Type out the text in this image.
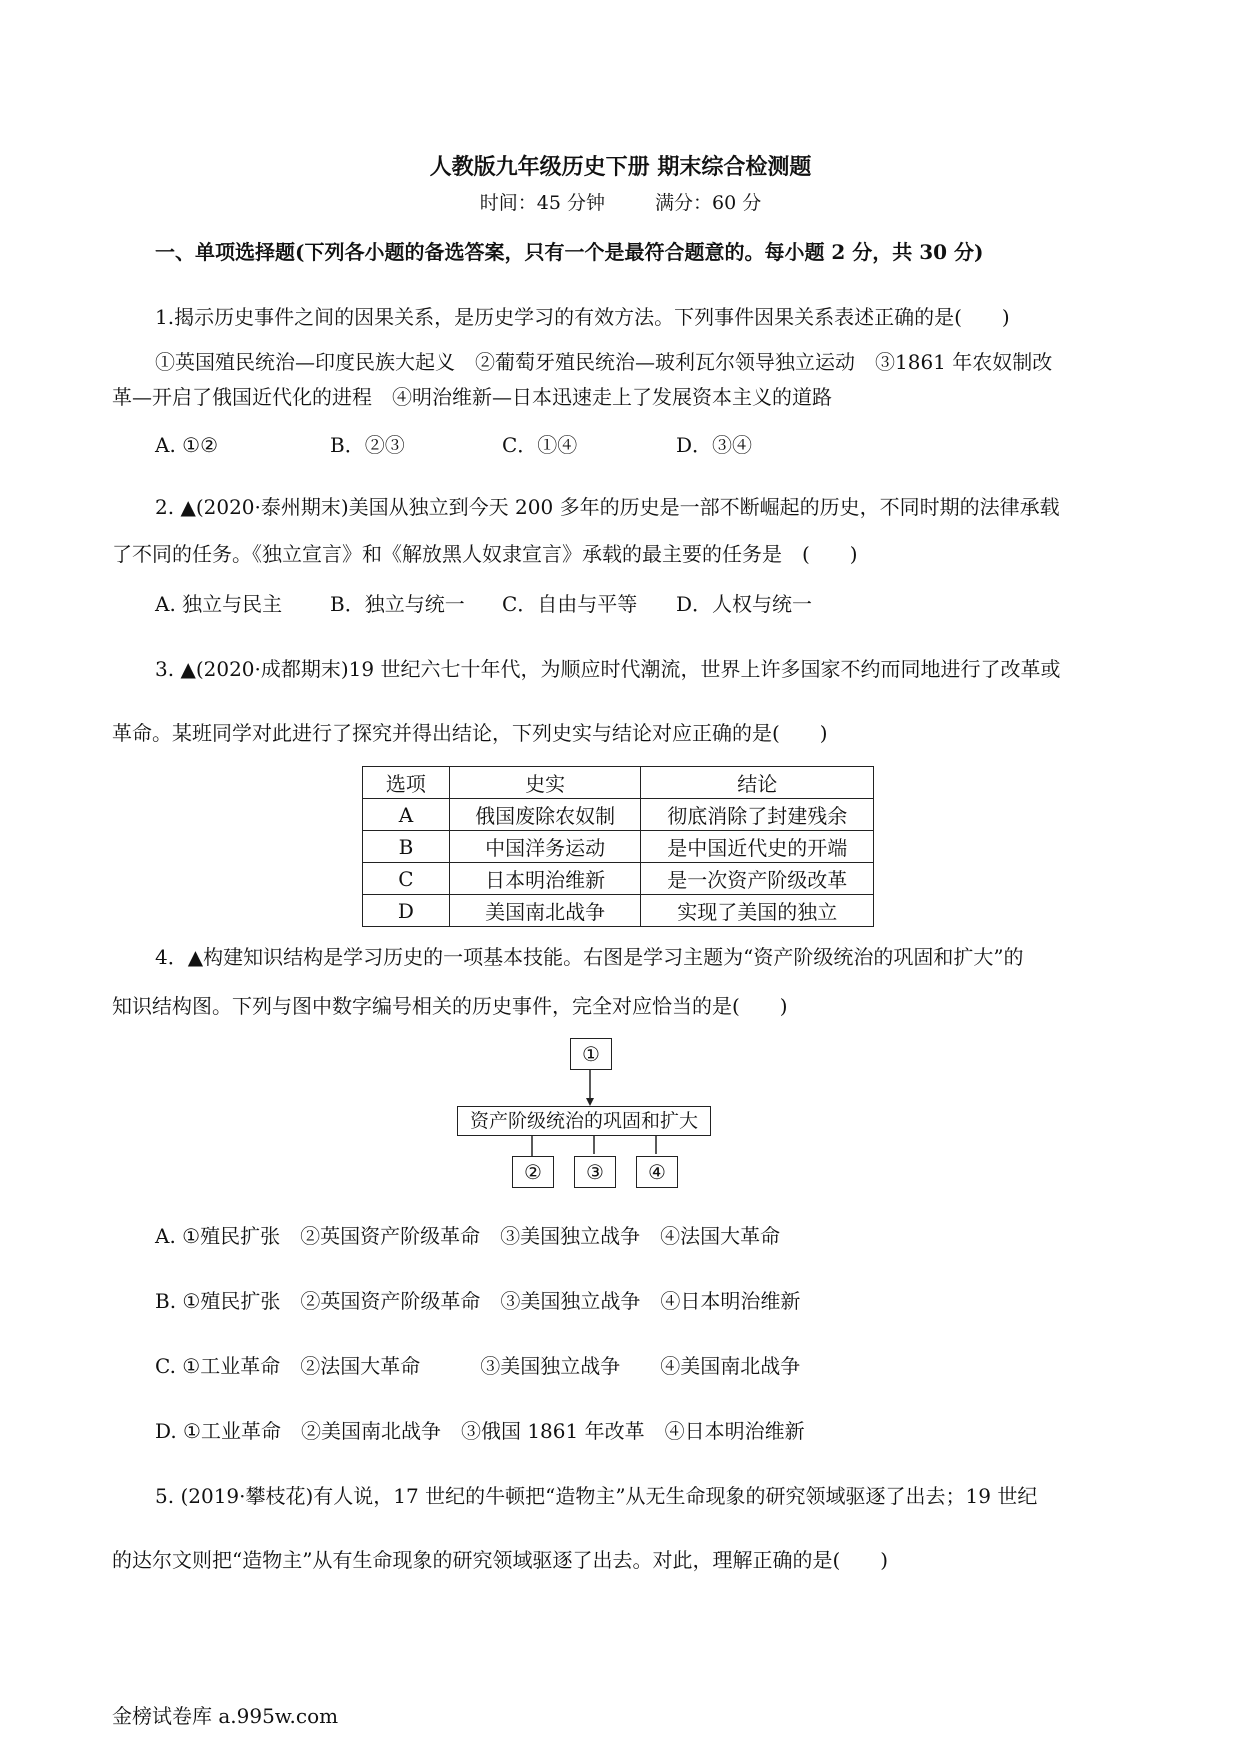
人教版九年级历史下册 期末综合检测题
时间：45 分钟	满分：60 分
一、单项选择题(下列各小题的备选答案，只有一个是最符合题意的。每小题 2 分，共 30 分)
1.揭示历史事件之间的因果关系，是历史学习的有效方法。下列事件因果关系表述正确的是(　　)
①英国殖民统治—印度民族大起义　②葡萄牙殖民统治—玻利瓦尔领导独立运动　③1861 年农奴制改
革—开启了俄国近代化的进程　④明治维新—日本迅速走上了发展资本主义的道路
A. ①②	B．②③	C．①④	D．③④
2. ▲(2020·泰州期末)美国从独立到今天 200 多年的历史是一部不断崛起的历史，不同时期的法律承载
了不同的任务。《独立宣言》和《解放黑人奴隶宣言》承载的最主要的任务是　(　　)
A. 独立与民主 B．独立与统一 C．自由与平等 D．人权与统一
3. ▲(2020·成都期末)19 世纪六七十年代，为顺应时代潮流，世界上许多国家不约而同地进行了改革或
革命。某班同学对此进行了探究并得出结论，下列史实与结论对应正确的是(　　)
选项	史实	结论
A	俄国废除农奴制	彻底消除了封建残余
B	中国洋务运动	是中国近代史的开端
C	日本明治维新	是一次资产阶级改革
D	美国南北战争	实现了美国的独立
4．▲构建知识结构是学习历史的一项基本技能。右图是学习主题为“资产阶级统治的巩固和扩大”的
知识结构图。下列与图中数字编号相关的历史事件，完全对应恰当的是(　　)
①
资产阶级统治的巩固和扩大
②	③	④
A. ①殖民扩张　②英国资产阶级革命　③美国独立战争　④法国大革命
B. ①殖民扩张　②英国资产阶级革命　③美国独立战争　④日本明治维新
C. ①工业革命　②法国大革命　　　③美国独立战争　　④美国南北战争
D. ①工业革命　②美国南北战争　③俄国 1861 年改革　④日本明治维新
5. (2019·攀枝花)有人说，17 世纪的牛顿把“造物主”从无生命现象的研究领域驱逐了出去；19 世纪
的达尔文则把“造物主”从有生命现象的研究领域驱逐了出去。对此，理解正确的是(　　)
金榜试卷库 a.995w.com
